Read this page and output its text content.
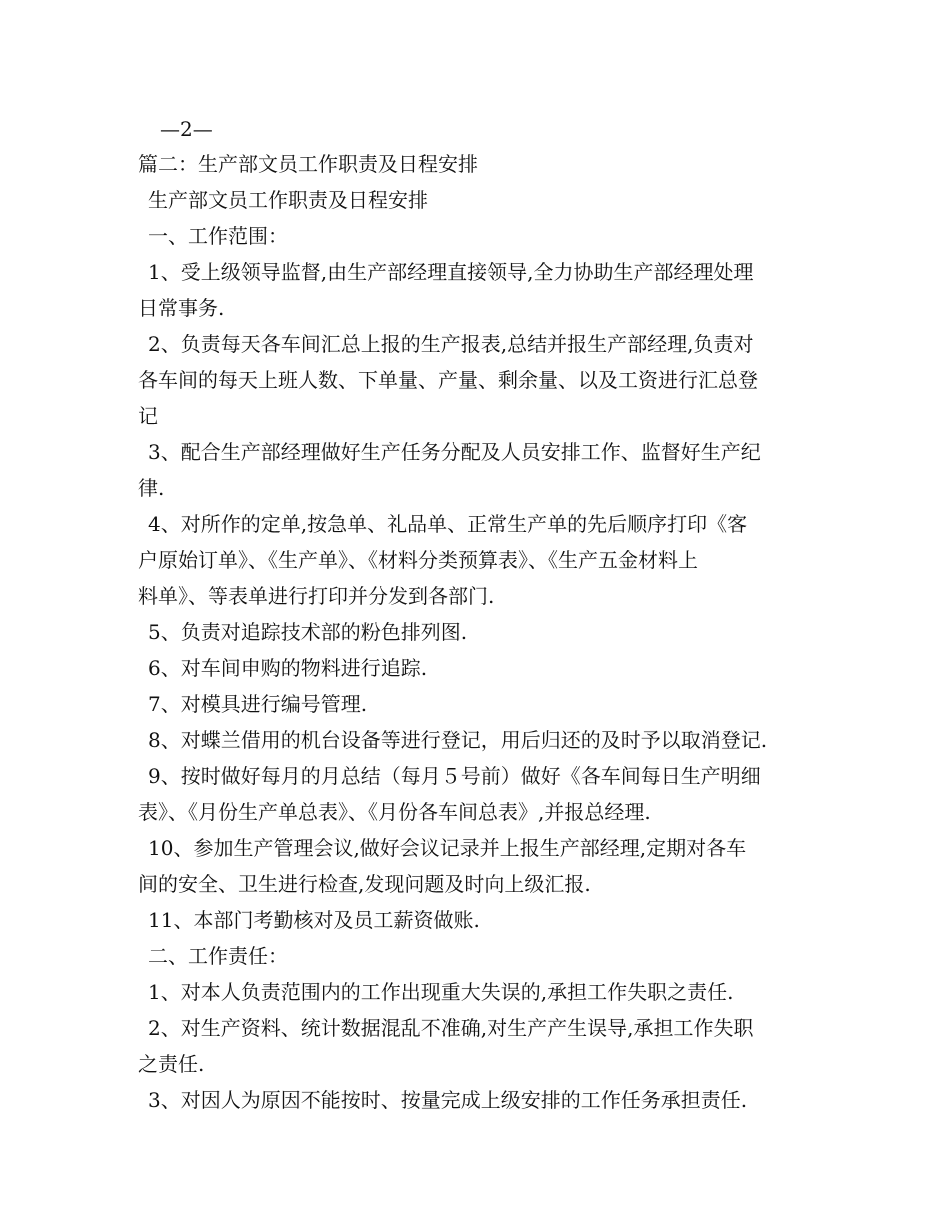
—2—
篇二：生产部文员工作职责及日程安排
生产部文员工作职责及日程安排
一、工作范围：
1、受上级领导监督,由生产部经理直接领导,全力协助生产部经理处理
日常事务.
2、负责每天各车间汇总上报的生产报表,总结并报生产部经理,负责对
各车间的每天上班人数、下单量、产量、剩余量、以及工资进行汇总登
记
3、配合生产部经理做好生产任务分配及人员安排工作、监督好生产纪
律.
4、对所作的定单,按急单、礼品单、正常生产单的先后顺序打印《客
户原始订单》、《生产单》、《材料分类预算表》、《生产五金材料上
料单》、等表单进行打印并分发到各部门.
5、负责对追踪技术部的粉色排列图.
6、对车间申购的物料进行追踪.
7、对模具进行编号管理.
8、对蝶兰借用的机台设备等进行登记，用后归还的及时予以取消登记.
9、按时做好每月的月总结（每月５号前）做好《各车间每日生产明细
表》、《月份生产单总表》、《月份各车间总表》,并报总经理.
10、参加生产管理会议,做好会议记录并上报生产部经理,定期对各车
间的安全、卫生进行检查,发现问题及时向上级汇报.
11、本部门考勤核对及员工薪资做账.
二、工作责任：
1、对本人负责范围内的工作出现重大失误的,承担工作失职之责任.
2、对生产资料、统计数据混乱不准确,对生产产生误导,承担工作失职
之责任.
3、对因人为原因不能按时、按量完成上级安排的工作任务承担责任.
